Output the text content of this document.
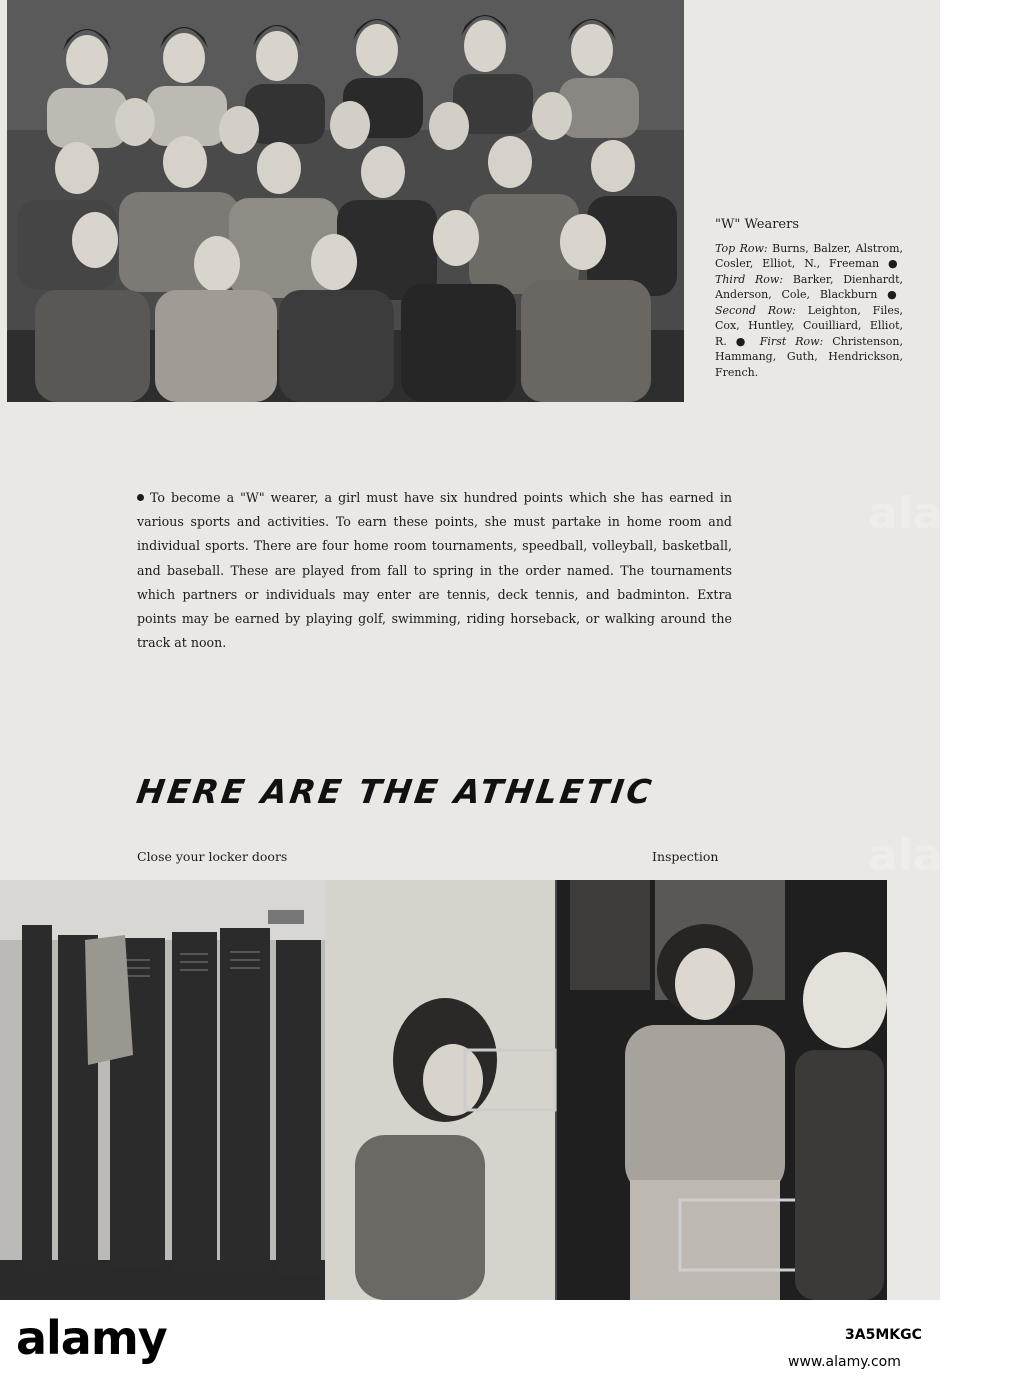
"W" Wearers
Top Row: Burns, Balzer, Alstrom, Cosler, Elliot, N., Freeman ● Third Row: Barker, Dienhardt, Anderson, Cole, Blackburn ● Second Row: Leighton, Files, Cox, Huntley, Couilliard, Elliot, R. ● First Row: Christenson, Hammang, Guth, Hendrickson, French.
To become a "W" wearer, a girl must have six hundred points which she has earned in various sports and activities. To earn these points, she must partake in home room and individual sports. There are four home room tournaments, speedball, volleyball, basketball, and baseball. These are played from fall to spring in the order named. The tournaments which partners or individuals may enter are tennis, deck tennis, and badminton. Extra points may be earned by playing golf, swimming, riding horseback, or walking around the track at noon.
HERE ARE THE ATHLETIC
Close your locker doors	Inspection
alamy
alamy
alamy	3A5MKGC
www.alamy.com
